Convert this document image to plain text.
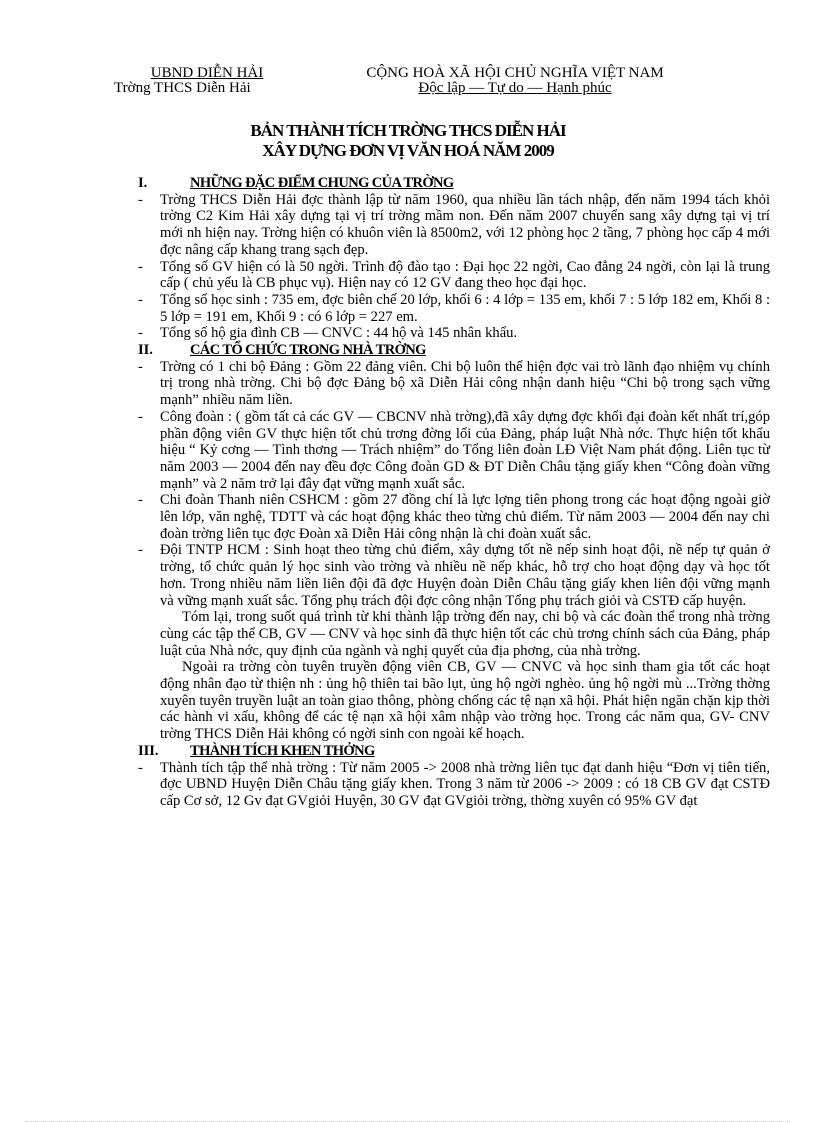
UBND DIỄN HẢI
Trờng THCS Diễn Hải
CỘNG HOÀ XÃ HỘI CHỦ NGHĨA VIỆT NAM
Độc lập — Tự do — Hạnh phúc
BẢN THÀNH TÍCH TRỜNG THCS DIỄN HẢI
XÂY DỰNG ĐƠN VỊ VĂN HOÁ NĂM 2009
I.	NHỮNG ĐẶC ĐIỂM CHUNG CỦA TRỜNG
- Trờng THCS Diễn Hải đợc thành lập từ năm 1960, qua nhiều lần tách nhập, đến năm 1994 tách khỏi trờng C2 Kim Hải xây dựng tại vị trí trờng mầm non. Đến năm 2007 chuyển sang xây dựng tại vị trí mới nh hiện nay. Trờng hiện có khuôn viên là 8500m2, với 12 phòng học 2 tầng, 7 phòng học cấp 4 mới đợc nâng cấp khang trang sạch đẹp.
- Tổng số GV hiện có là 50 ngời. Trình độ đào tạo : Đại học 22 ngời, Cao đẳng 24 ngời, còn lại là trung cấp ( chủ yếu là CB phục vụ). Hiện nay có 12 GV đang theo học đại học.
- Tổng số học sinh : 735 em, đợc biên chế 20 lớp, khối 6 : 4 lớp = 135 em, khối 7 : 5 lớp 182 em, Khối 8 : 5 lớp = 191 em, Khối 9 : có 6 lớp = 227 em.
- Tổng số hộ gia đình CB — CNVC : 44 hộ và 145 nhân khẩu.
II.	CÁC TỔ CHỨC TRONG NHÀ TRỜNG
- Trờng có 1 chi bộ Đảng : Gồm 22 đảng viên. Chi bộ luôn thể hiện đợc vai trò lãnh đạo nhiệm vụ chính trị trong nhà trờng. Chi bộ đợc Đảng bộ xã Diễn Hải công nhận danh hiệu “Chi bộ trong sạch vững mạnh” nhiều năm liền.
- Công đoàn : ( gồm tất cả các GV — CBCNV nhà trờng),đã xây dựng đợc khối đại đoàn kết nhất trí,góp phần động viên GV thực hiện tốt chủ trơng đờng lối của Đảng, pháp luật Nhà nớc. Thực hiện tốt khẩu hiệu “ Kỷ cơng — Tình thơng — Trách nhiệm” do Tổng liên đoàn LĐ Việt Nam phát động. Liên tục từ năm 2003 — 2004 đến nay đều đợc Công đoàn GD & ĐT Diễn Châu tặng giấy khen “Công đoàn vững mạnh” và 2 năm trở lại đây đạt vững mạnh xuất sắc.
- Chi đoàn Thanh niên CSHCM : gồm 27 đồng chí là lực lợng tiên phong trong các hoạt động ngoài giờ lên lớp, văn nghệ, TDTT và các hoạt động khác theo từng chủ điểm. Từ năm 2003 — 2004 đến nay chi đoàn trờng liên tục đợc Đoàn xã Diễn Hải công nhận là chi đoàn xuất sắc.
- Đội TNTP HCM : Sinh hoạt theo từng chủ điểm, xây dựng tốt nề nếp sinh hoạt đội, nề nếp tự quản ở trờng, tổ chức quản lý học sinh vào trờng và nhiều nề nếp khác, hỗ trợ cho hoạt động dạy và học tốt hơn. Trong nhiều năm liền liên đội đã đợc Huyện đoàn Diễn Châu tặng giấy khen liên đội vững mạnh và vững mạnh xuất sắc. Tổng phụ trách đội đợc công nhận Tổng phụ trách giỏi và CSTĐ cấp huyện.
Tóm lại, trong suốt quá trình từ khi thành lập trờng đến nay, chi bộ và các đoàn thể trong nhà trờng cùng các tập thể CB, GV — CNV và học sinh đã thực hiện tốt các chủ trơng chính sách của Đảng, pháp luật của Nhà nớc, quy định của ngành và nghị quyết của địa phơng, của nhà trờng.
Ngoài ra trờng còn tuyên truyền động viên CB, GV — CNVC và học sinh tham gia tốt các hoạt động nhân đạo từ thiện nh : ủng hộ thiên tai bão lụt, ủng hộ ngời nghèo. ủng hộ ngời mù ...Trờng thờng xuyên tuyên truyền luật an toàn giao thông, phòng chống các tệ nạn xã hội. Phát hiện ngăn chặn kịp thời các hành vi xấu, không để các tệ nạn xã hội xâm nhập vào trờng học. Trong các năm qua, GV- CNV trờng THCS Diễn Hải không có ngời sinh con ngoài kế hoạch.
III. THÀNH TÍCH KHEN THỞNG
- Thành tích tập thể nhà trờng : Từ năm 2005 -> 2008 nhà trờng liên tục đạt danh hiệu “Đơn vị tiên tiến, đợc UBND Huyện Diễn Châu tặng giấy khen. Trong 3 năm từ 2006 -> 2009 : có 18 CB GV đạt CSTĐ cấp Cơ sở, 12 Gv đạt GVgiỏi Huyện, 30 GV đạt GVgiỏi trờng, thờng xuyên có 95% GV đạt
